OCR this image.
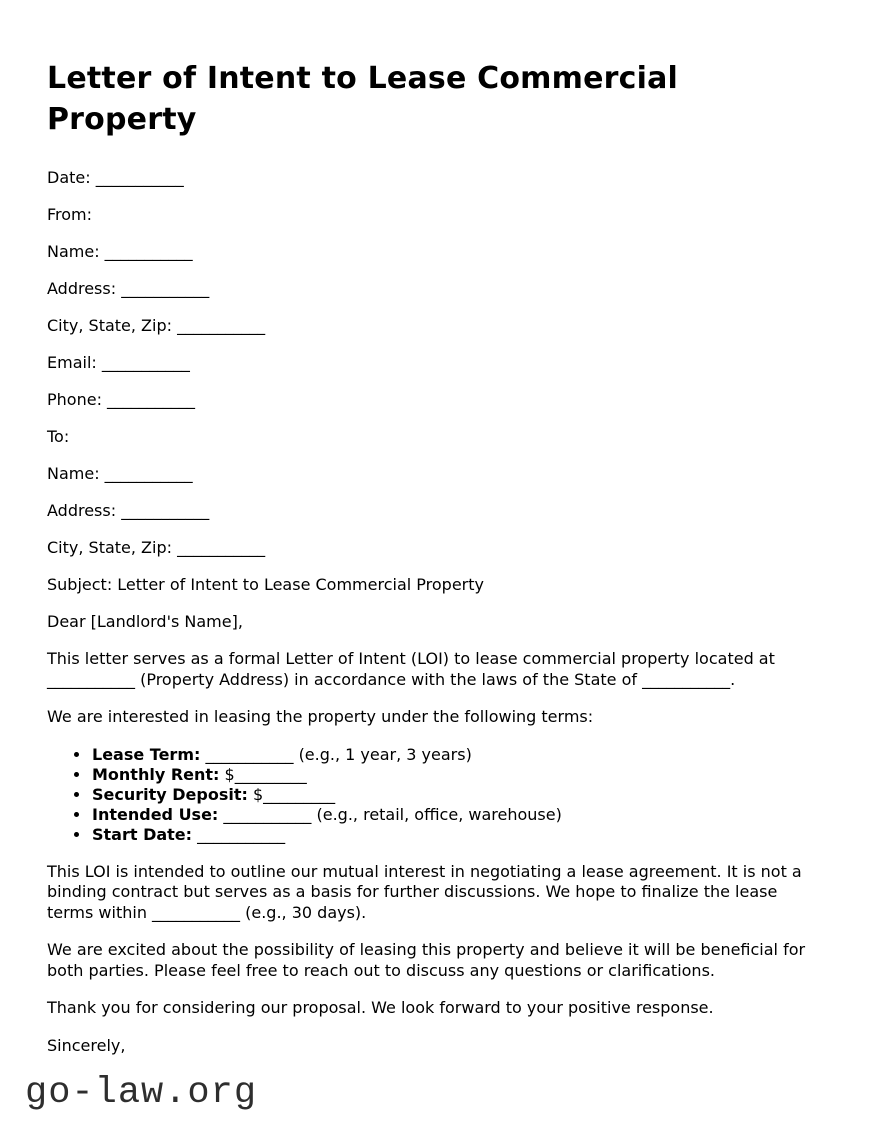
Letter of Intent to Lease Commercial Property

Date: ___________

From:

Name: ___________

Address: ___________

City, State, Zip: ___________

Email: ___________

Phone: ___________

To:

Name: ___________

Address: ___________

City, State, Zip: ___________

Subject: Letter of Intent to Lease Commercial Property

Dear [Landlord's Name],

This letter serves as a formal Letter of Intent (LOI) to lease commercial property located at ___________ (Property Address) in accordance with the laws of the State of ___________.

We are interested in leasing the property under the following terms:

• Lease Term: ___________ (e.g., 1 year, 3 years)
• Monthly Rent: $_________
• Security Deposit: $_________
• Intended Use: ___________ (e.g., retail, office, warehouse)
• Start Date: ___________

This LOI is intended to outline our mutual interest in negotiating a lease agreement. It is not a binding contract but serves as a basis for further discussions. We hope to finalize the lease terms within ___________ (e.g., 30 days).

We are excited about the possibility of leasing this property and believe it will be beneficial for both parties. Please feel free to reach out to discuss any questions or clarifications.

Thank you for considering our proposal. We look forward to your positive response.

Sincerely,

go-law.org
